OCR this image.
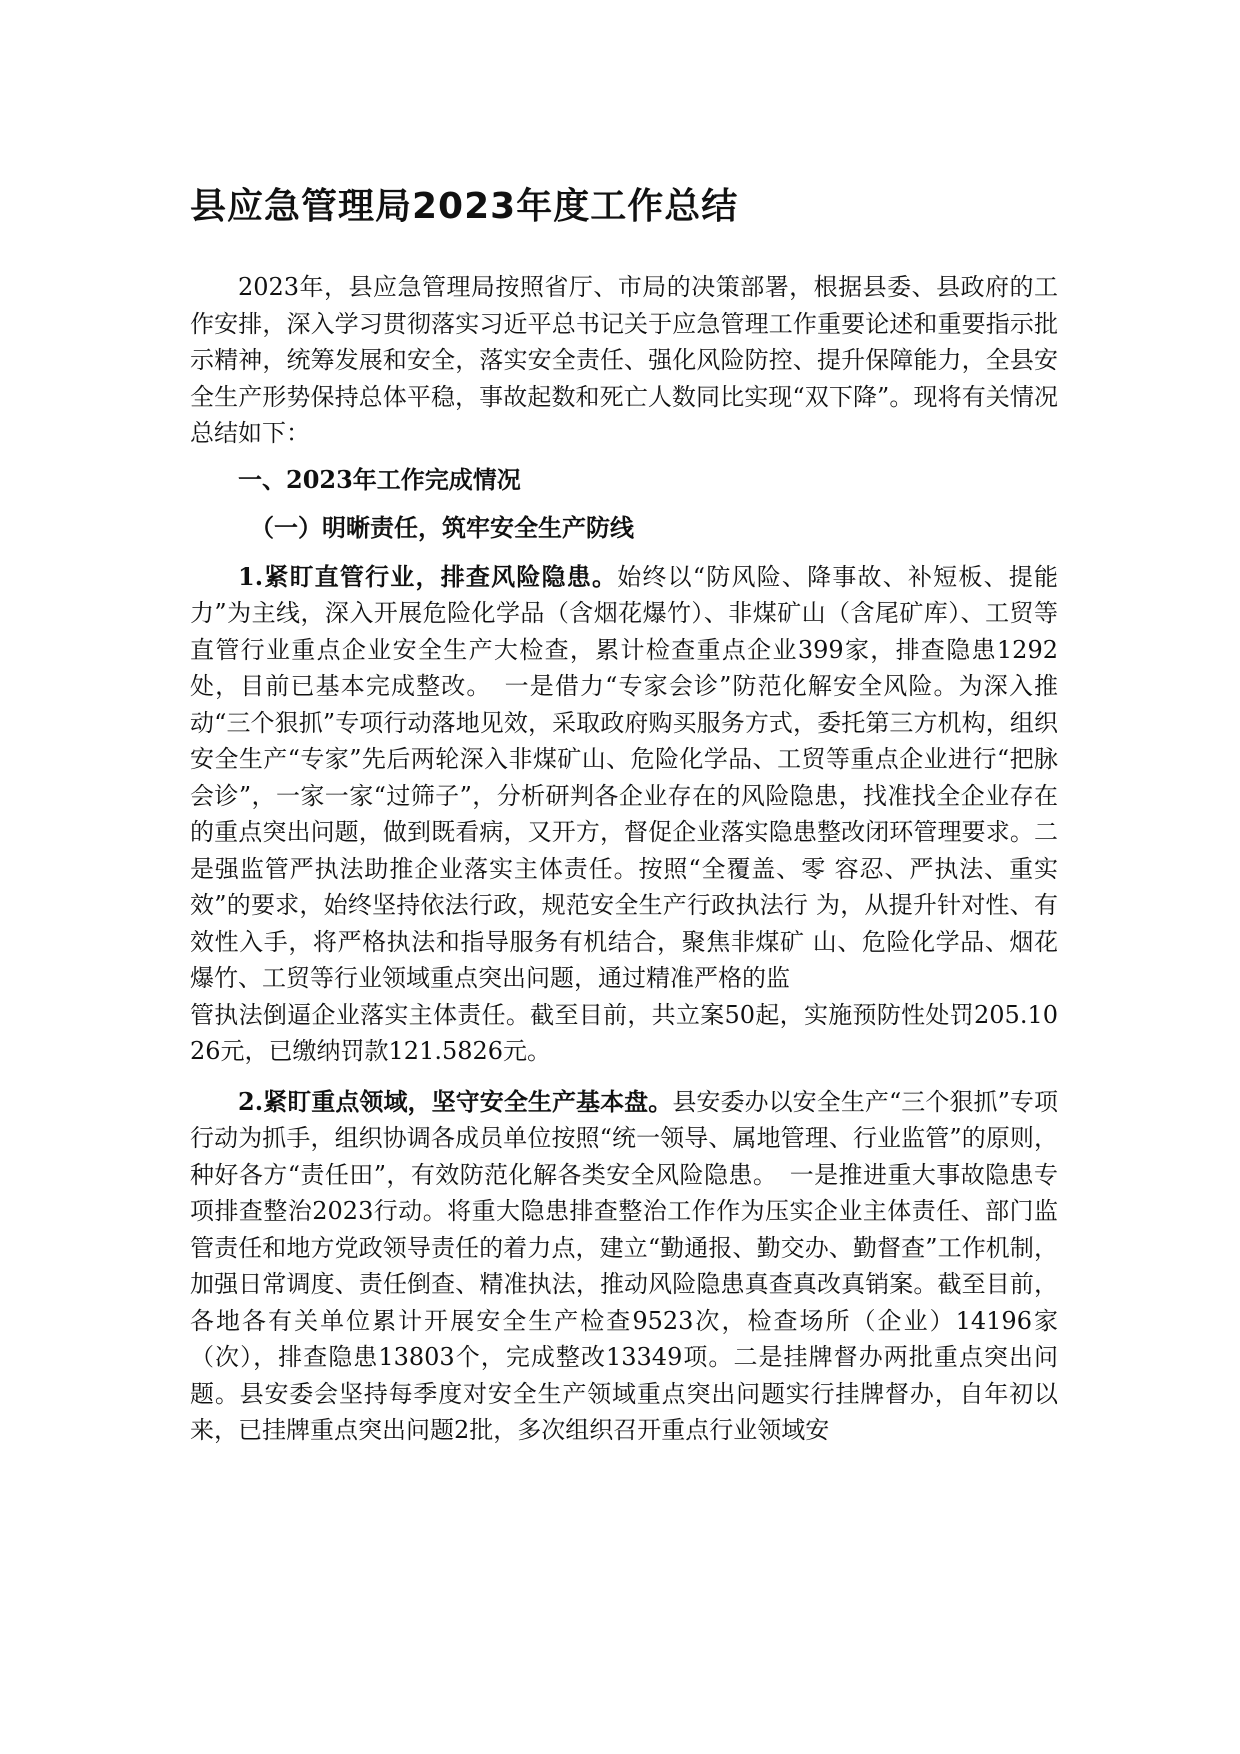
县应急管理局2023年度工作总结

2023年，县应急管理局按照省厅、市局的决策部署，根据县委、县政府的工作安排，深入学习贯彻落实习近平总书记关于应急管理工作重要论述和重要指示批示精神，统筹发展和安全，落实安全责任、强化风险防控、提升保障能力，全县安全生产形势保持总体平稳，事故起数和死亡人数同比实现“双下降”。现将有关情况总结如下：

一、2023年工作完成情况

（一）明晰责任，筑牢安全生产防线

1.紧盯直管行业，排查风险隐患。始终以“防风险、降事故、补短板、提能力”为主线，深入开展危险化学品（含烟花爆竹）、非煤矿山（含尾矿库）、工贸等直管行业重点企业安全生产大检查，累计检查重点企业399家，排查隐患1292处，目前已基本完成整改。　一是借力“专家会诊”防范化解安全风险。为深入推动“三个狠抓”专项行动落地见效，采取政府购买服务方式，委托第三方机构，组织安全生产“专家”先后两轮深入非煤矿山、危险化学品、工贸等重点企业进行“把脉会诊”，一家一家“过筛子”，分析研判各企业存在的风险隐患，找准找全企业存在的重点突出问题，做到既看病，又开方，督促企业落实隐患整改闭环管理要求。二是强监管严执法助推企业落实主体责任。按照“全覆盖、零 容忍、严执法、重实效”的要求，始终坚持依法行政，规范安全生产行政执法行 为，从提升针对性、有效性入手，将严格执法和指导服务有机结合，聚焦非煤矿 山、危险化学品、烟花爆竹、工贸等行业领域重点突出问题，通过精准严格的监

管执法倒逼企业落实主体责任。截至目前，共立案50起，实施预防性处罚205.1026元，已缴纳罚款121.5826元。

2.紧盯重点领域，坚守安全生产基本盘。县安委办以安全生产“三个狠抓”专项行动为抓手，组织协调各成员单位按照“统一领导、属地管理、行业监管”的原则，种好各方“责任田”，有效防范化解各类安全风险隐患。　一是推进重大事故隐患专项排查整治2023行动。将重大隐患排查整治工作作为压实企业主体责任、部门监管责任和地方党政领导责任的着力点，建立“勤通报、勤交办、勤督查”工作机制，加强日常调度、责任倒查、精准执法，推动风险隐患真查真改真销案。截至目前，各地各有关单位累计开展安全生产检查9523次，检查场所（企业）14196家（次），排查隐患13803个，完成整改13349项。二是挂牌督办两批重点突出问题。县安委会坚持每季度对安全生产领域重点突出问题实行挂牌督办，自年初以来，已挂牌重点突出问题2批，多次组织召开重点行业领域安
